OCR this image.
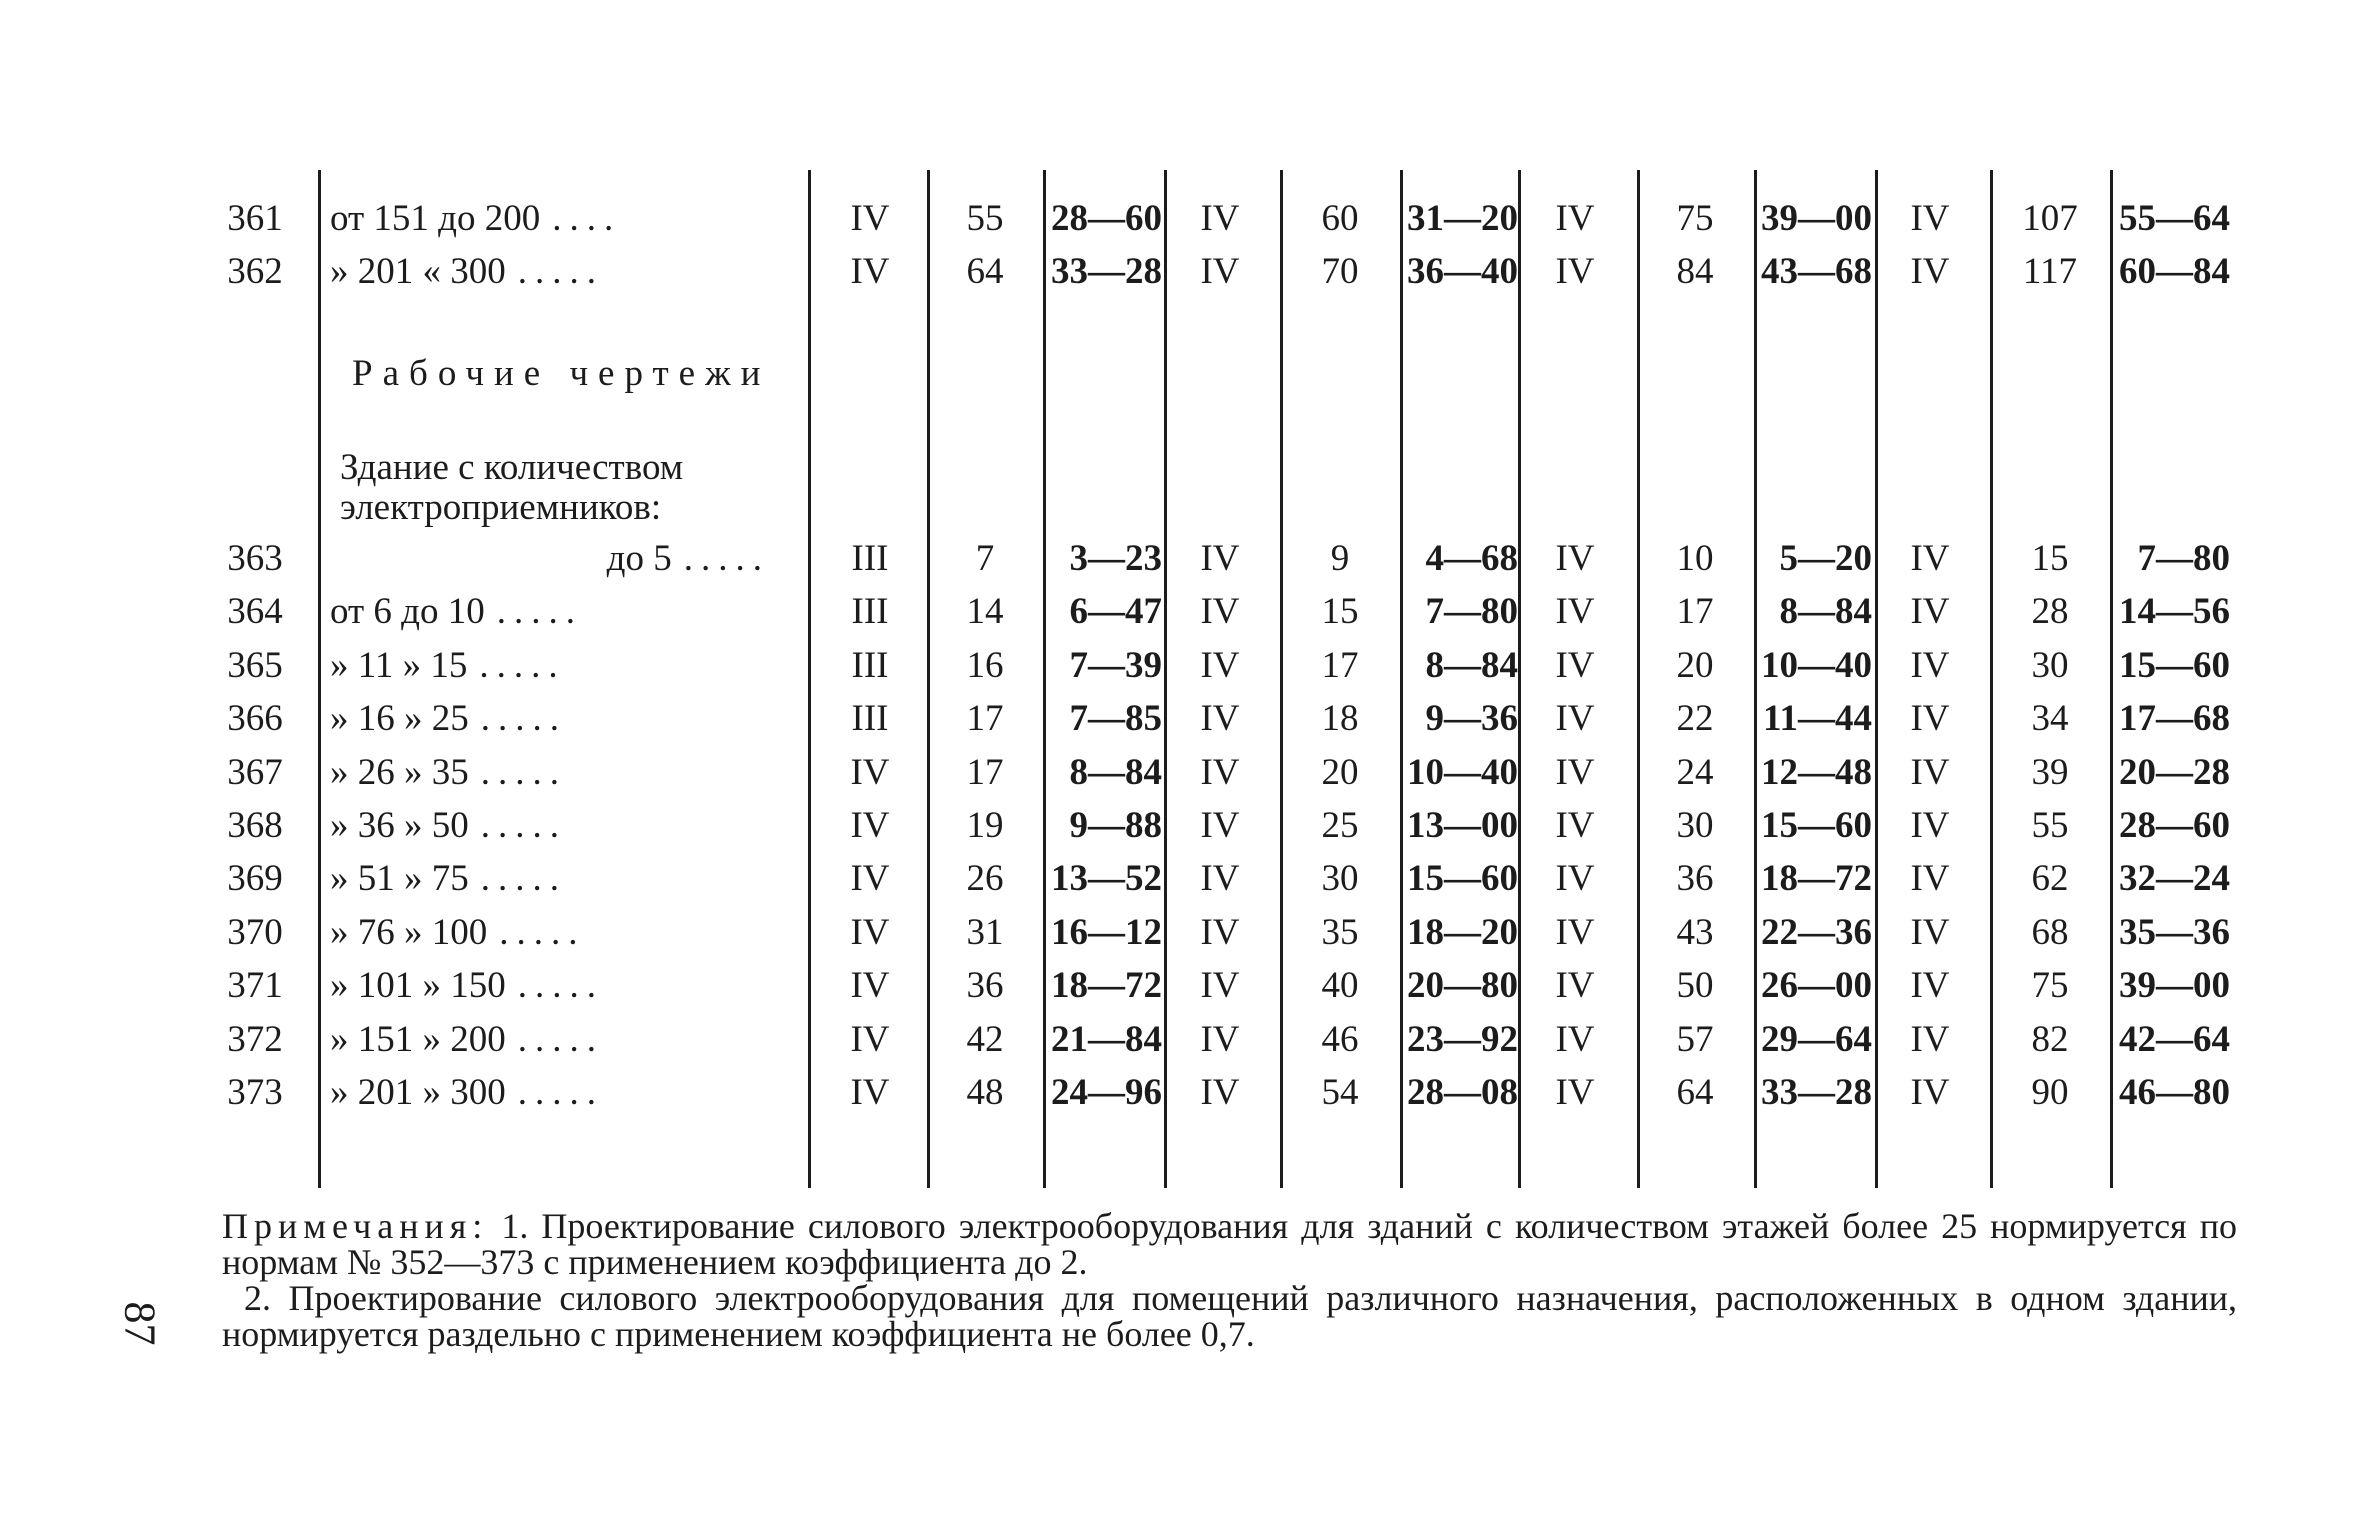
361 от 151 до 200 ....	IV	55	28—60	IV	60	31—20	IV	75	39—00	IV	107	55—64
362 » 201 « 300 .....	IV	64	33—28	IV	70	36—40	IV	84	43—68	IV	117	60—84
Рабочие чертежи
Здание с количеством электроприемников:
363	до 5 .....	III	7	3—23	IV	9	4—68	IV	10	5—20	IV	15	7—80
364 от 6 до 10 .....	III	14	6—47	IV	15	7—80	IV	17	8—84	IV	28	14—56
365 » 11 » 15 .....	III	16	7—39	IV	17	8—84	IV	20	10—40	IV	30	15—60
366 » 16 » 25 .....	III	17	7—85	IV	18	9—36	IV	22	11—44	IV	34	17—68
367 » 26 » 35 .....	IV	17	8—84	IV	20	10—40	IV	24	12—48	IV	39	20—28
368 » 36 » 50 .....	IV	19	9—88	IV	25	13—00	IV	30	15—60	IV	55	28—60
369 » 51 » 75 .....	IV	26	13—52	IV	30	15—60	IV	36	18—72	IV	62	32—24
370 » 76 » 100 .....	IV	31	16—12	IV	35	18—20	IV	43	22—36	IV	68	35—36
371 » 101 » 150 .....	IV	36	18—72	IV	40	20—80	IV	50	26—00	IV	75	39—00
372 » 151 » 200 .....	IV	42	21—84	IV	46	23—92	IV	57	29—64	IV	82	42—64
373 » 201 » 300 .....	IV	48	24—96	IV	54	28—08	IV	64	33—28	IV	90	46—80

Примечания: 1. Проектирование силового электрооборудования для зданий с количеством этажей более 25 нормируется по нормам № 352—373 с применением коэффициента до 2.

2. Проектирование силового электрооборудования для помещений различного назначения, расположенных в одном здании, нормируется раздельно с применением коэффициента не более 0,7.

87
